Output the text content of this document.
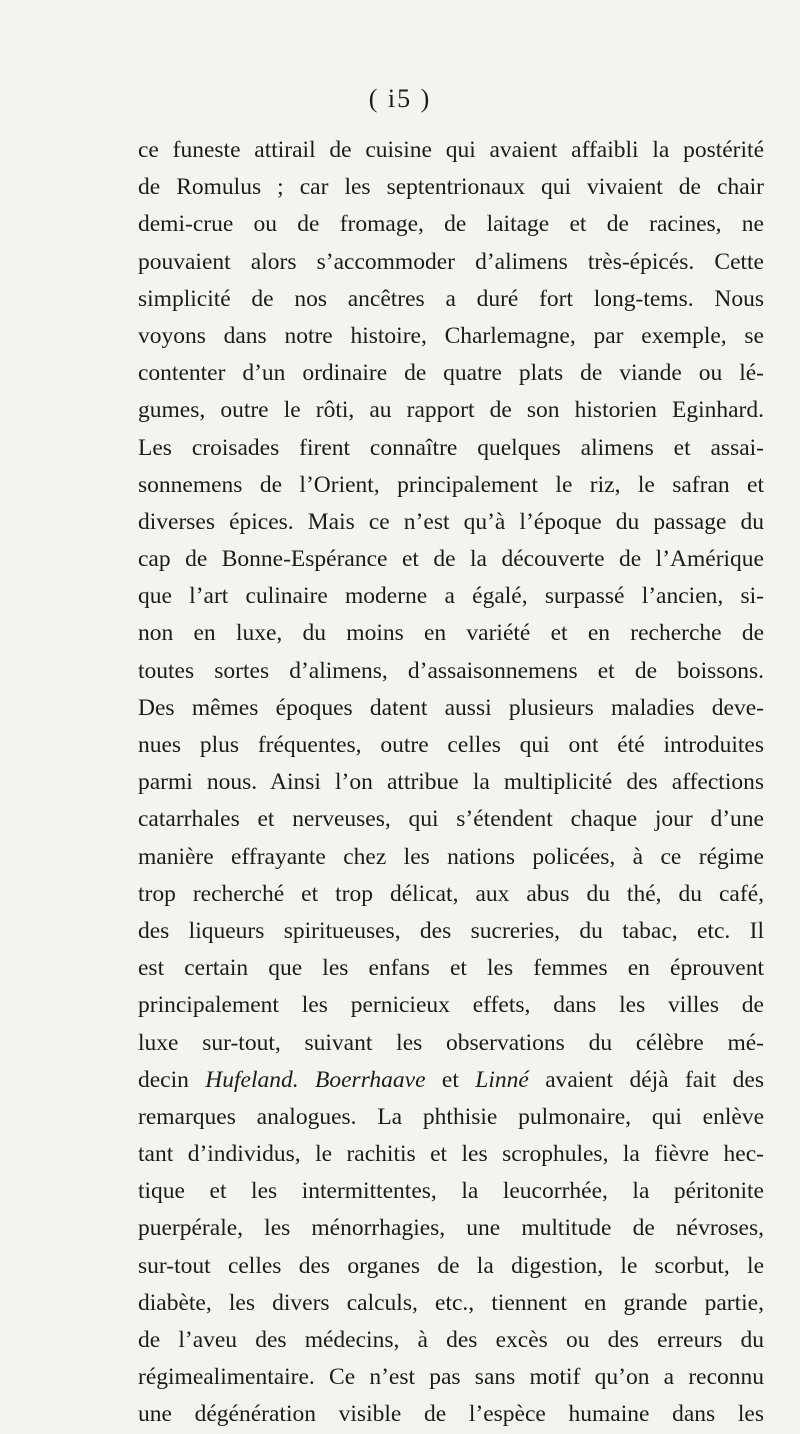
( i5 )
ce funeste attirail de cuisine qui avaient affaibli la postérité
de Romulus ; car les septentrionaux qui vivaient de chair
demi-crue ou de fromage, de laitage et de racines, ne
pouvaient alors s’accommoder d’alimens très-épicés. Cette
simplicité de nos ancêtres a duré fort long-tems. Nous
voyons dans notre histoire, Charlemagne, par exemple, se
contenter d’un ordinaire de quatre plats de viande ou lé-
gumes, outre le rôti, au rapport de son historien Eginhard.
Les croisades firent connaître quelques alimens et assai-
sonnemens de l’Orient, principalement le riz, le safran et
diverses épices. Mais ce n’est qu’à l’époque du passage du
cap de Bonne-Espérance et de la découverte de l’Amérique
que l’art culinaire moderne a égalé, surpassé l’ancien, si-
non en luxe, du moins en variété et en recherche de
toutes sortes d’alimens, d’assaisonnemens et de boissons.
Des mêmes époques datent aussi plusieurs maladies deve-
nues plus fréquentes, outre celles qui ont été introduites
parmi nous. Ainsi l’on attribue la multiplicité des affections
catarrhales et nerveuses, qui s’étendent chaque jour d’une
manière effrayante chez les nations policées, à ce régime
trop recherché et trop délicat, aux abus du thé, du café,
des liqueurs spiritueuses, des sucreries, du tabac, etc. Il
est certain que les enfans et les femmes en éprouvent
principalement les pernicieux effets, dans les villes de
luxe sur-tout, suivant les observations du célèbre mé-
decin Hufeland. Boerrhaave et Linné avaient déjà fait des
remarques analogues. La phthisie pulmonaire, qui enlève
tant d’individus, le rachitis et les scrophules, la fièvre hec-
tique et les intermittentes, la leucorrhée, la péritonite
puerpérale, les ménorrhagies, une multitude de névroses,
sur-tout celles des organes de la digestion, le scorbut, le
diabète, les divers calculs, etc., tiennent en grande partie,
de l’aveu des médecins, à des excès ou des erreurs du
régimealimentaire. Ce n’est pas sans motif qu’on a reconnu
une dégénération visible de l’espèce humaine dans les
